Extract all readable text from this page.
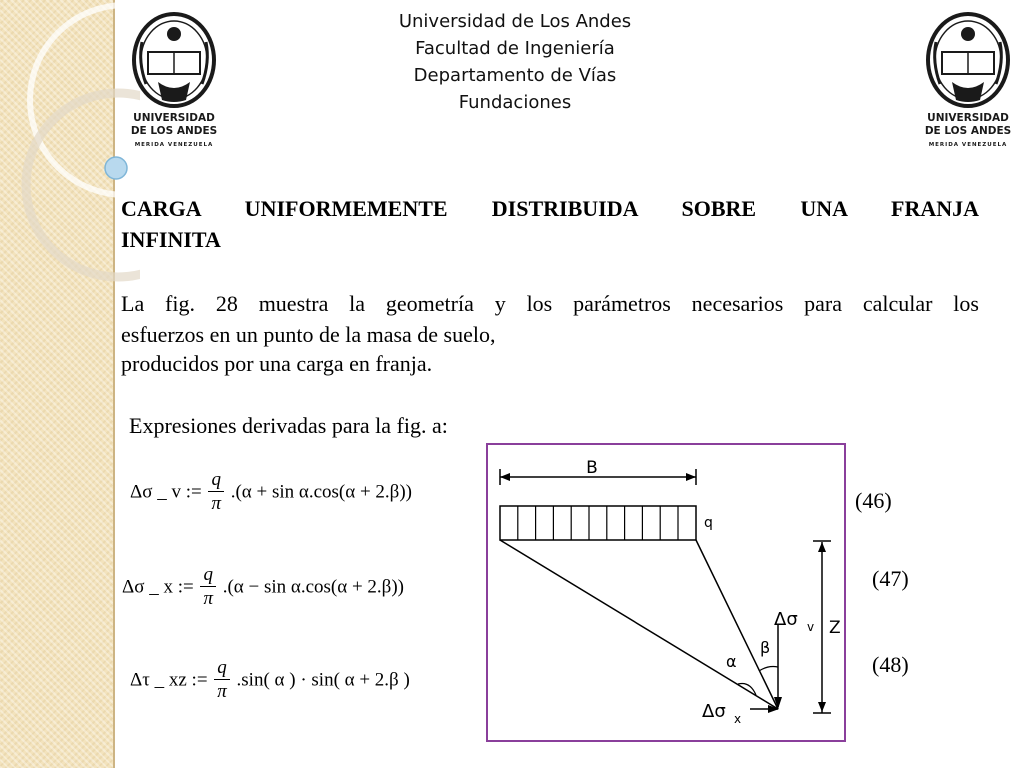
UNIVERSIDAD
DE LOS ANDES
MERIDA VENEZUELA
UNIVERSIDAD
DE LOS ANDES
MERIDA VENEZUELA
Universidad de Los Andes
Facultad de Ingeniería
Departamento de Vías
Fundaciones
CARGA UNIFORMEMENTE DISTRIBUIDA SOBRE UNA FRANJA
INFINITA
La fig. 28 muestra la geometría y los parámetros necesarios para calcular los
esfuerzos en un punto de la masa de suelo,
producidos por una carga en franja.
Expresiones derivadas para la fig. a:
Δσ _ v := $\frac{q}{\pi} .(\alpha + \sin \alpha.\cos(\alpha + 2.\beta))$	(46)
Δσ _ x := $\frac{q}{\pi} .(\alpha - \sin \alpha.\cos(\alpha + 2.\beta))$	(47)
Δτ _ xz := $\frac{q}{\pi} .\sin$( α ) · sin( α + 2.β )
(48)
B
q
α
β
Δσ v
Δσ x
Z
